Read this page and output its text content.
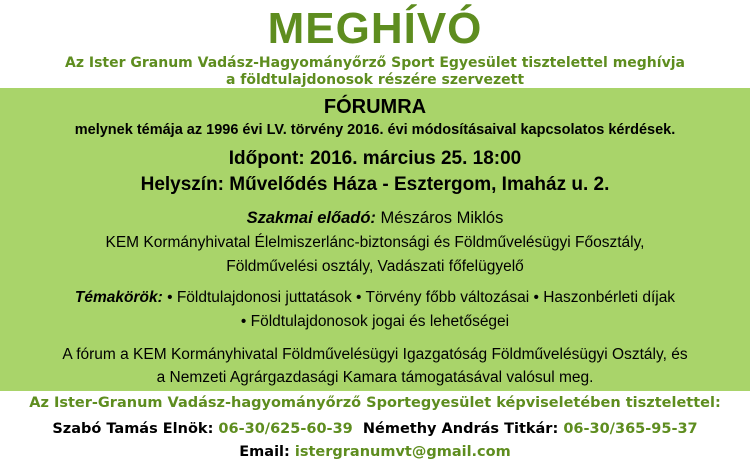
MEGHÍVÓ
Az Ister Granum Vadász-Hagyományőrző Sport Egyesület tisztelettel meghívja
a földtulajdonosok részére szervezett
FÓRUMRA
melynek témája az 1996 évi LV. törvény 2016. évi módosításaival kapcsolatos kérdések.
Időpont: 2016. március 25. 18:00
Helyszín: Művelődés Háza - Esztergom, Imaház u. 2.
Szakmai előadó: Mészáros Miklós
KEM Kormányhivatal Élelmiszerlánc-biztonsági és Földművelésügyi Főosztály,
Földművelési osztály, Vadászati főfelügyelő
Témakörök: • Földtulajdonosi juttatások • Törvény főbb változásai • Haszonbérleti díjak
• Földtulajdonosok jogai és lehetőségei
A fórum a KEM Kormányhivatal Földművelésügyi Igazgatóság Földművelésügyi Osztály, és
a Nemzeti Agrárgazdasági Kamara támogatásával valósul meg.
Az Ister-Granum Vadász-hagyományőrző Sportegyesület képviseletében tisztelettel:
Szabó Tamás Elnök: 06-30/625-60-39 Némethy András Titkár: 06-30/365-95-37
Email: istergranumvt@gmail.com
